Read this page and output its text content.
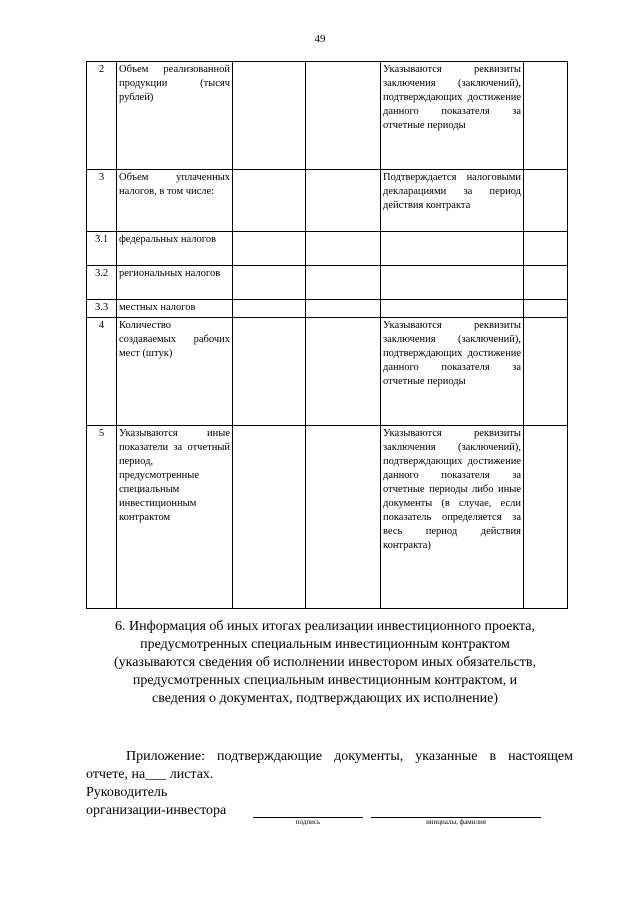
49
2	Объем реализованной продукции (тысяч рублей)			Указываются реквизиты заключения (заключений), подтверждающих достижение данного показателя за отчетные периоды	
3	Объем уплаченных налогов, в том числе:			Подтверждается налоговыми декларациями за период действия контракта	
3.1	федеральных налогов				
3.2	региональных налогов				
3.3	местных налогов				
4	Количество создаваемых рабочих мест (штук)			Указываются реквизиты заключения (заключений), подтверждающих достижение данного показателя за отчетные периоды	
5	Указываются иные показатели за отчетный период, предусмотренные специальным инвестиционным контрактом			Указываются реквизиты заключения (заключений), подтверждающих достижение данного показателя за отчетные периоды либо иные документы (в случае, если показатель определяется за весь период действия контракта)	
6. Информация об иных итогах реализации инвестиционного проекта, предусмотренных специальным инвестиционным контрактом
(указываются сведения об исполнении инвестором иных обязательств, предусмотренных специальным инвестиционным контрактом, и сведения о документах, подтверждающих их исполнение)
Приложение: подтверждающие документы, указанные в настоящем отчете, на___ листах.
Руководитель
организации-инвестора
подпись	инициалы, фамилия
